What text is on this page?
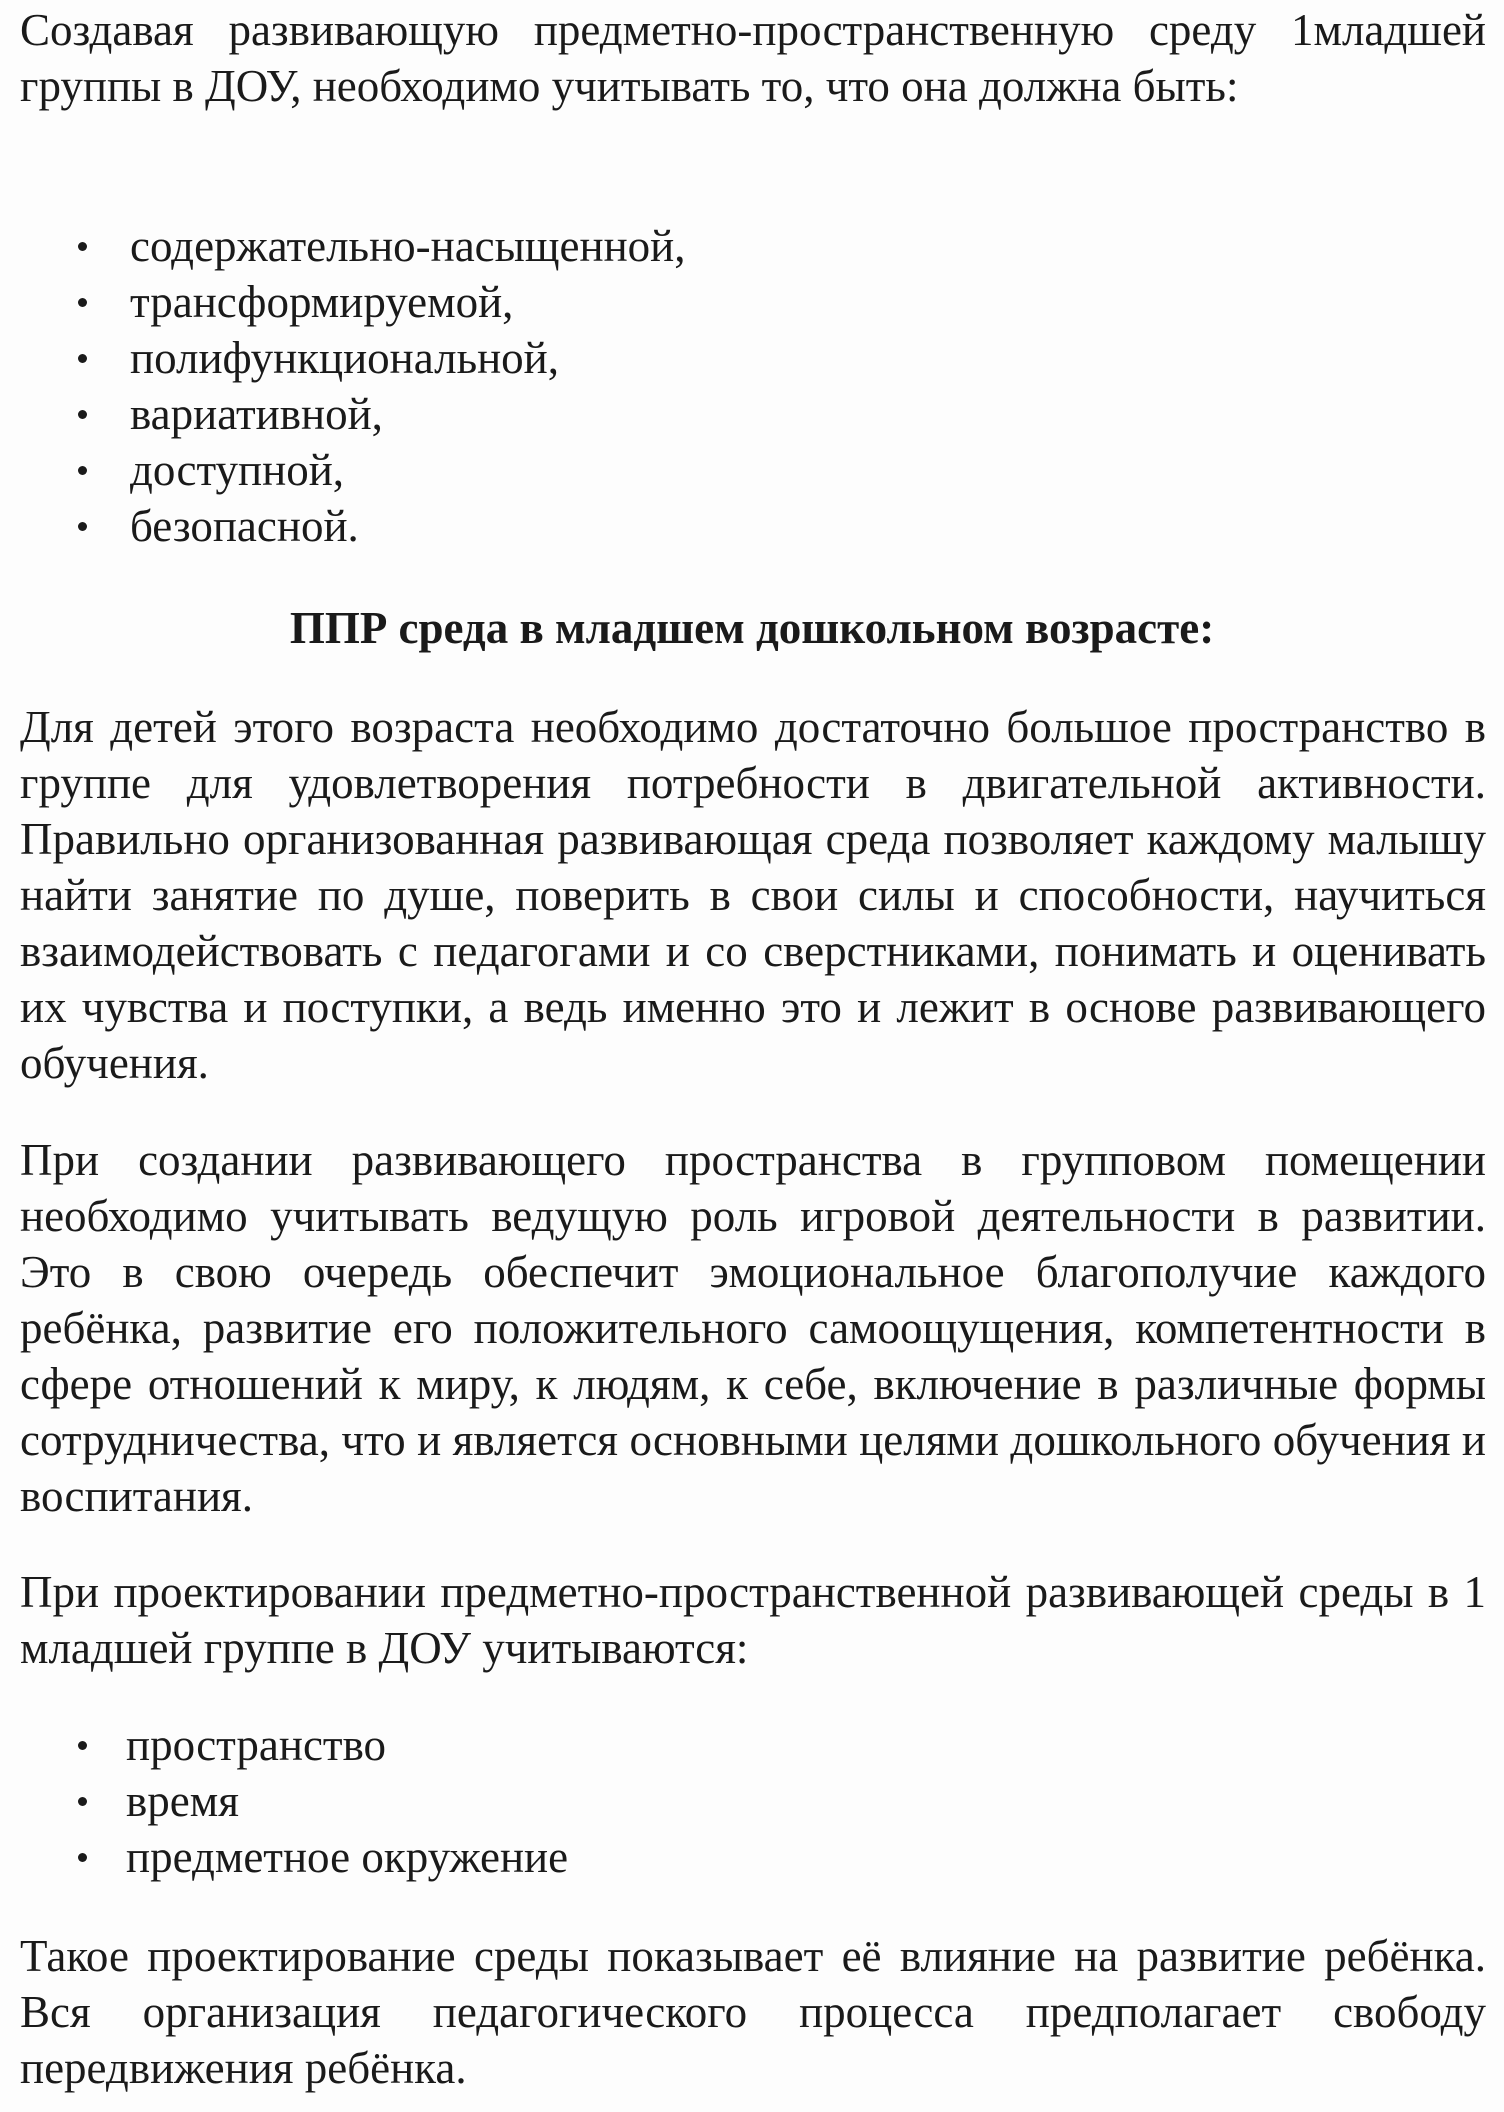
Создавая развивающую предметно-пространственную среду 1младшей группы в ДОУ, необходимо учитывать то, что она должна быть:

содержательно-насыщенной,
трансформируемой,
полифункциональной,
вариативной,
доступной,
безопасной.
ППР среда в младшем дошкольном возрасте:

Для детей этого возраста необходимо достаточно большое пространство в группе для удовлетворения потребности в двигательной активности. Правильно организованная развивающая среда позволяет каждому малышу найти занятие по душе, поверить в свои силы и способности, научиться взаимодействовать с педагогами и со сверстниками, понимать и оценивать их чувства и поступки, а ведь именно это и лежит в основе развивающего обучения.

При создании развивающего пространства в групповом помещении необходимо учитывать ведущую роль игровой деятельности в развитии. Это в свою очередь обеспечит эмоциональное благополучие каждого ребёнка, развитие его положительного самоощущения, компетентности в сфере отношений к миру, к людям, к себе, включение в различные формы сотрудничества, что и является основными целями дошкольного обучения и воспитания.

При проектировании предметно-пространственной развивающей среды в 1 младшей группе в ДОУ учитываются:

пространство
время
предметное окружение

Такое проектирование среды показывает её влияние на развитие ребёнка. Вся организация педагогического процесса предполагает свободу передвижения ребёнка.
